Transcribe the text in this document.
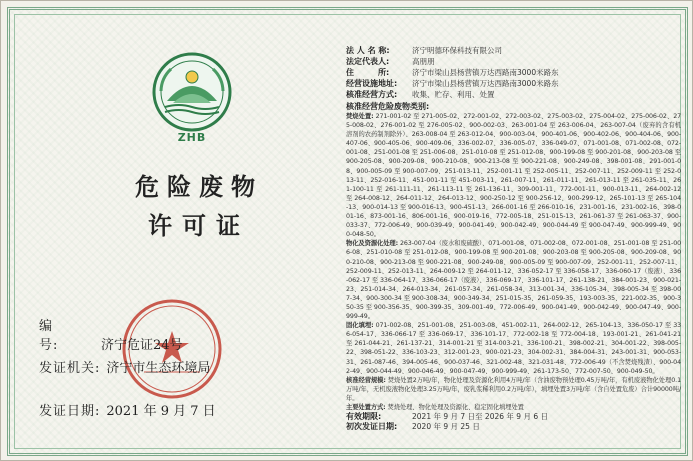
ZHB
危险废物
许可证
编　　号:	济宁危证24号
发证机关: 济宁市生态环境局
发证日期: 2021 年 9 月 7 日
法 人 名 称:	济宁明德环保科技有限公司
法定代表人:	高朋朋
住　　　所:	济宁市梁山县杨营镇万达西路南3000米路东
经营设施地址: 济宁市梁山县杨营镇万达西路南3000米路东
核准经营方式: 收集、贮存、利用、处置
核准经营危险废物类别:
焚烧处置: 271-001-02 至 271-005-02、272-001-02、272-003-02、275-003-02、275-004-02、275-006-02、275-008-02、276-001-02 至 276-005-02、900-002-03、263-001-04 至 263-006-04、263-007-04（废弃的含有机溶剂的农药制剂除外）、263-008-04 至 263-012-04、900-003-04、900-401-06、900-402-06、900-404-06、900-407-06、900-405-06、900-409-06、336-002-07、336-005-07、336-049-07、071-001-08、071-002-08、072-001-08、251-001-08 至 251-006-08、251-010-08 至 251-012-08、900-199-08 至 900-201-08、900-203-08 至 900-205-08、900-209-08、900-210-08、900-213-08 至 900-221-08、900-249-08、398-001-08、291-001-08、900-005-09 至 900-007-09、251-013-11、252-001-11 至 252-005-11、252-007-11、252-009-11 至 252-013-11、252-016-11、451-001-11 至 451-003-11、261-007-11、261-011-11、261-013-11 至 261-035-11、261-100-11 至 261-111-11、261-113-11 至 261-136-11、309-001-11、772-001-11、900-013-11、264-002-12 至 264-008-12、264-011-12、264-013-12、900-250-12 至 900-256-12、900-299-12、265-101-13 至 265-104-13、900-014-13 至 900-016-13、900-451-13、266-001-16 至 266-010-16、231-001-16、231-002-16、398-001-16、873-001-16、806-001-16、900-019-16、772-005-18、251-015-13、261-061-37 至 261-063-37、900-033-37、772-006-49、900-039-49、900-041-49、900-042-49、900-044-49 至 900-047-49、900-999-49、900-048-50。
物化及资源化处理: 263-007-04（废水和废硫酸）、071-001-08、071-002-08、072-001-08、251-001-08 至 251-006-08、251-010-08 至 251-012-08、900-199-08 至 900-201-08、900-203-08 至 900-205-08、900-209-08、900-210-08、900-213-08 至 900-221-08、900-249-08、900-005-09 至 900-007-09、252-001-11、252-007-11、252-009-11、252-013-11、264-009-12 至 264-011-12、336-052-17 至 336-058-17、336-060-17（废液）、336-062-17 至 336-064-17、336-066-17（废液）、336-069-17、336-101-17、261-138-21、384-001-23、900-021-23、251-014-34、264-013-34、261-057-34、261-058-34、313-001-34、336-105-34、398-005-34 至 398-007-34、900-300-34 至 900-308-34、900-349-34、251-015-35、261-059-35、193-003-35、221-002-35、900-350-35 至 900-356-35、900-399-35、309-001-49、772-006-49、900-041-49、900-042-49、900-047-49、900-999-49。
固化填埋: 071-002-08、251-001-08、251-003-08、451-002-11、264-002-12、265-104-13、336-050-17 至 336-054-17、336-066-17 至 336-069-17、336-101-17、772-002-18 至 772-004-18、193-001-21、261-041-21 至 261-044-21、261-137-21、314-001-21 至 314-003-21、336-100-21、398-002-21、304-001-22、398-005-22、398-051-22、336-103-23、312-001-23、900-021-23、304-002-31、384-004-31、243-001-31、900-053-31、261-087-46、394-005-46、900-037-46、321-002-48、321-031-48、772-006-49（不含焚烧残渣）、900-042-49、900-044-49、900-046-49、900-047-49、900-999-49、261-173-50、772-007-50、900-049-50。
核准经营规模: 焚烧处置2万吨/年，物化处理及资源化利用4万吨/年（含油废物预处理0.45万吨/年，有机废液物化处理0.1万吨/年，无机废液物化处理3.25万吨/年，废乳浆稀利用0.2万吨/年），填埋处置3万吨/年（含自处置危废）合计90000吨/年。
主要处置方式: 焚烧处理、物化处理及资源化、稳定固化填埋处置
有效期限:	2021 年 9 月 7 日至 2026 年 9 月 6 日
初次发证日期: 2020 年 9 月 25 日
